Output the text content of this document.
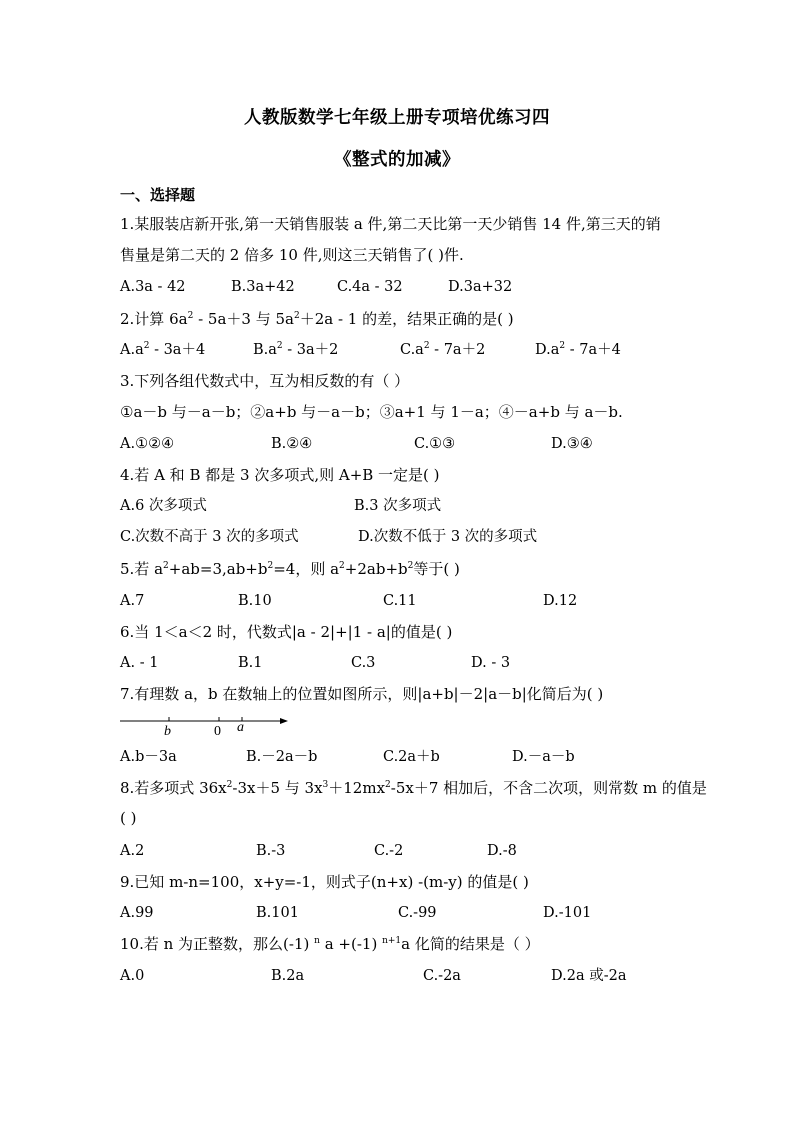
人教版数学七年级上册专项培优练习四
《整式的加减》
一、选择题
1.某服装店新开张,第一天销售服装 a 件,第二天比第一天少销售 14 件,第三天的销
售量是第二天的 2 倍多 10 件,则这三天销售了( )件.
A.3a - 42	B.3a+42	C.4a - 32	D.3a+32
2.计算 $6a^2 - 5a+3$ 与 $5a^2+2a - 1$ 的差，结果正确的是( )
$A.a^2 - 3a+4$	$B.a^2 - 3a+2$	$C.a^2 - 7a+2$	$D.a^2 - 7a+4$
3.下列各组代数式中，互为相反数的有（ ）
①a－b 与－a－b；②a+b 与－a－b；③a+1 与 1－a；④－a+b 与 a－b.
A.①②④	B.②④	C.①③	D.③④
4.若 A 和 B 都是 3 次多项式,则 A+B 一定是( )
A.6 次多项式	B.3 次多项式
C.次数不高于 3 次的多项式	D.次数不低于 3 次的多项式
5.若 $a^2+ab=3,ab+b^2=4$，则 $a^2+2ab+b^2$等于( )
A.7	B.10	C.11	D.12
6.当 1＜a＜2 时，代数式|a - 2|+|1 - a|的值是( )
A. - 1	B.1	C.3	D. - 3
7.有理数 a，b 在数轴上的位置如图所示，则|a+b|－2|a－b|化简后为( )
b	0 a
A.b－3a	B.－2a－b	C.2a＋b	D.－a－b
8.若多项式 $36x^2-3x+5$ 与 $3x^3+12mx^2-5x+7$ 相加后，不含二次项，则常数 m 的值是
( )
A.2	B.-3	C.-2	D.-8
9.已知 m-n=100，x+y=-1，则式子(n+x) -(m-y) 的值是( )
A.99	B.101	C.-99	D.-101
10.若 n 为正整数，那么(-1) $^n$ a +(-1) $^{n+1}$a 化简的结果是（ ）
A.0	B.2a	C.-2a	D.2a 或-2a
